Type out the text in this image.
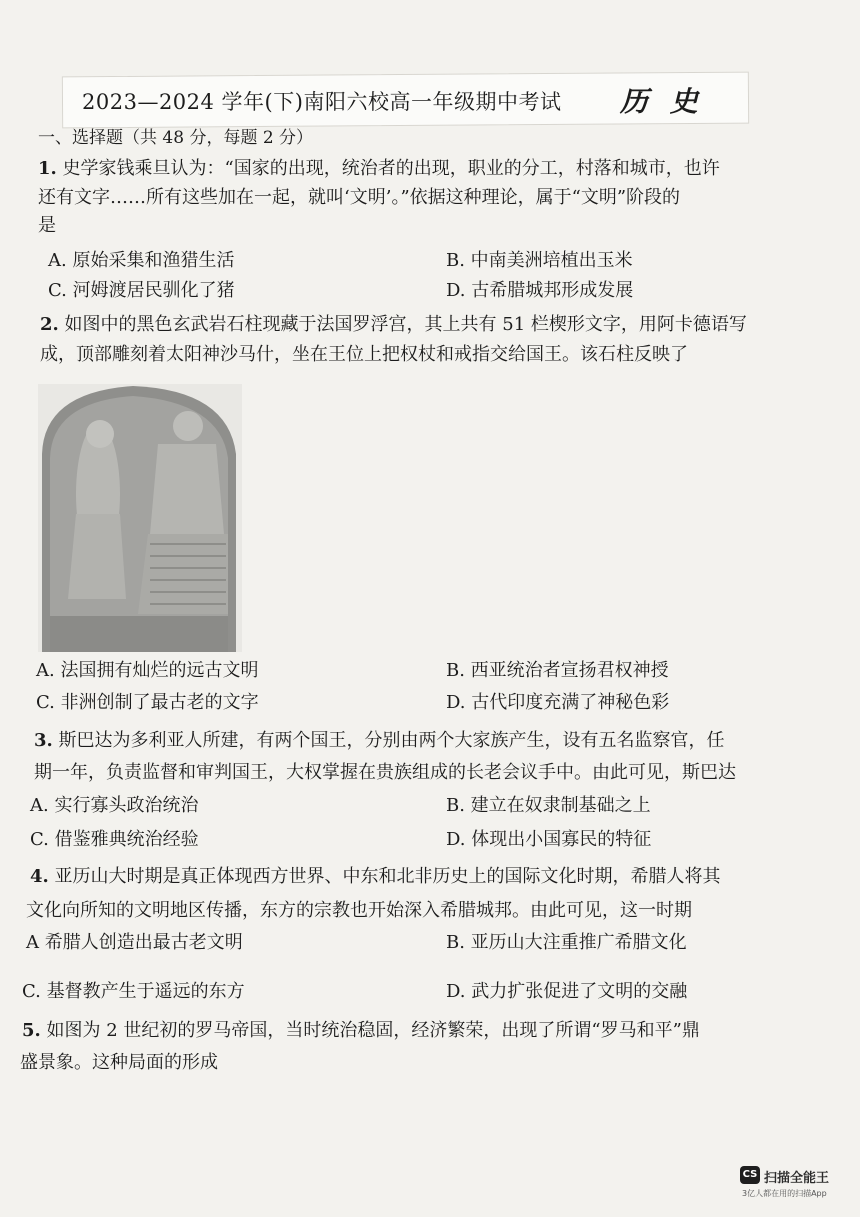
2023—2024 学年(下)南阳六校高一年级期中考试 历 史
一、选择题（共 48 分，每题 2 分）
1. 史学家钱乘旦认为：“国家的出现，统治者的出现，职业的分工，村落和城市，也许
还有文字……所有这些加在一起，就叫‘文明’。”依据这种理论，属于“文明”阶段的
是
A. 原始采集和渔猎生活	B. 中南美洲培植出玉米
C. 河姆渡居民驯化了猪	D. 古希腊城邦形成发展
2. 如图中的黑色玄武岩石柱现藏于法国罗浮宫，其上共有 51 栏楔形文字，用阿卡德语写
成，顶部雕刻着太阳神沙马什，坐在王位上把权杖和戒指交给国王。该石柱反映了
A. 法国拥有灿烂的远古文明	B. 西亚统治者宣扬君权神授
C. 非洲创制了最古老的文字	D. 古代印度充满了神秘色彩
3. 斯巴达为多利亚人所建，有两个国王，分别由两个大家族产生，设有五名监察官，任
期一年，负责监督和审判国王，大权掌握在贵族组成的长老会议手中。由此可见，斯巴达
A. 实行寡头政治统治	B. 建立在奴隶制基础之上
C. 借鉴雅典统治经验	D. 体现出小国寡民的特征
4. 亚历山大时期是真正体现西方世界、中东和北非历史上的国际文化时期，希腊人将其
文化向所知的文明地区传播，东方的宗教也开始深入希腊城邦。由此可见，这一时期
A 希腊人创造出最古老文明	B. 亚历山大注重推广希腊文化
C. 基督教产生于遥远的东方	D. 武力扩张促进了文明的交融
5. 如图为 2 世纪初的罗马帝国，当时统治稳固，经济繁荣，出现了所谓“罗马和平”鼎
盛景象。这种局面的形成
CS 扫描全能王
3亿人都在用的扫描App
